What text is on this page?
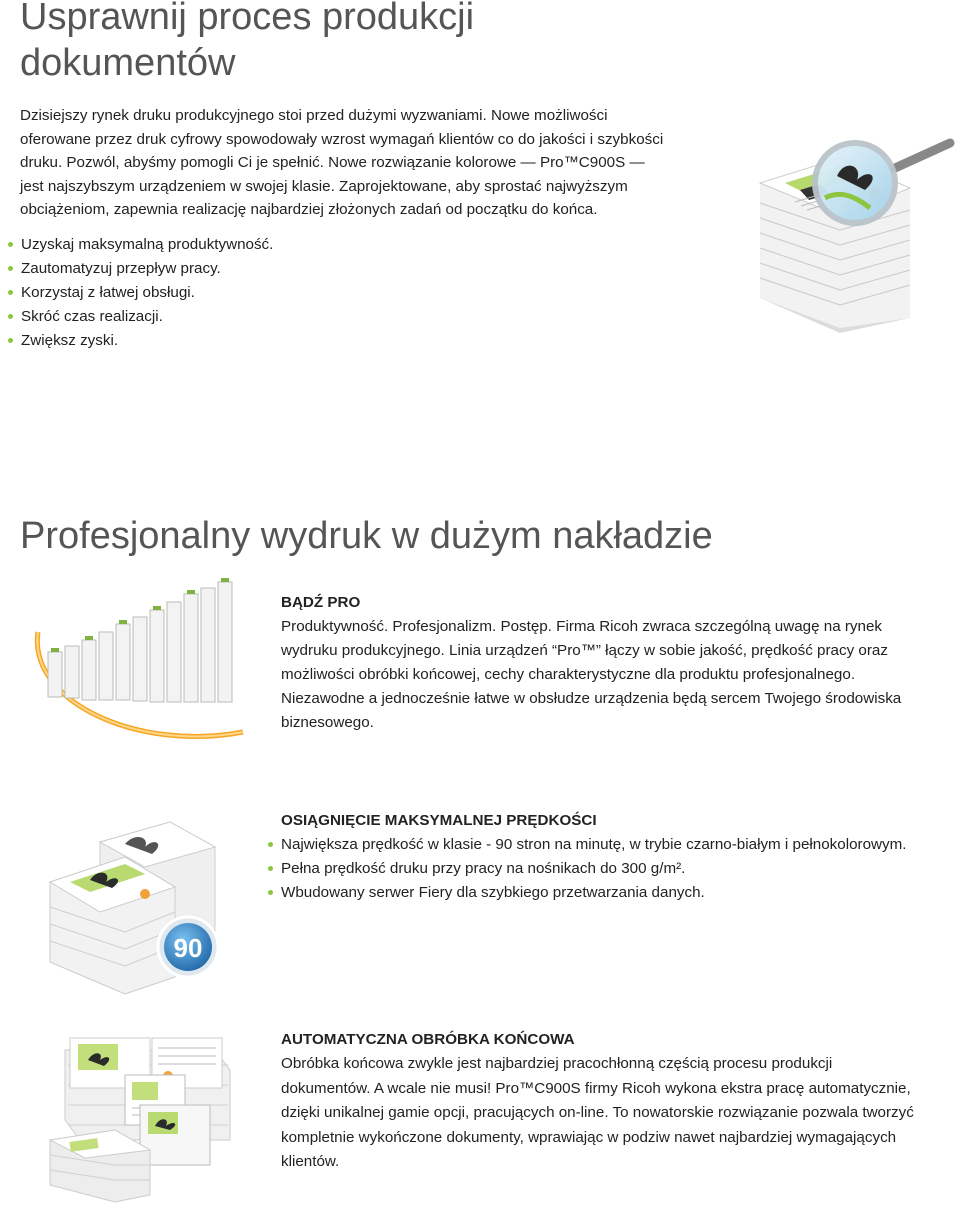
Usprawnij proces produkcji
dokumentów

Dzisiejszy rynek druku produkcyjnego stoi przed dużymi wyzwaniami. Nowe możliwości

oferowane przez druk cyfrowy spowodowały wzrost wymagań klientów co do jakości i szybkości

druku. Pozwól, abyśmy pomogli Ci je spełnić. Nowe rozwiązanie kolorowe — Pro™C900S —

jest najszybszym urządzeniem w swojej klasie. Zaprojektowane, aby sprostać najwyższym

obciążeniom, zapewnia realizację najbardziej złożonych zadań od początku do końca.

Uzyskaj maksymalną produktywność.
Zautomatyzuj przepływ pracy.
Korzystaj z łatwej obsługi.
Skróć czas realizacji.
Zwiększ zyski.
Profesjonalny wydruk w dużym nakładzie

BĄDŹ PRO

Produktywność. Profesjonalizm. Postęp. Firma Ricoh zwraca szczególną uwagę na rynek

wydruku produkcyjnego. Linia urządzeń “Pro™” łączy w sobie jakość, prędkość pracy oraz

możliwości obróbki końcowej, cechy charakterystyczne dla produktu profesjonalnego.

Niezawodne a jednocześnie łatwe w obsłudze urządzenia będą sercem Twojego środowiska

biznesowego.

90

OSIĄGNIĘCIE MAKSYMALNEJ PRĘDKOŚCI

Największa prędkość w klasie - 90 stron na minutę, w trybie czarno-białym i pełnokolorowym.
Pełna prędkość druku przy pracy na nośnikach do 300 g/m².
Wbudowany serwer Fiery dla szybkiego przetwarzania danych.

AUTOMATYCZNA OBRÓBKA KOŃCOWA

Obróbka końcowa zwykle jest najbardziej pracochłonną częścią procesu produkcji

dokumentów. A wcale nie musi! Pro™C900S firmy Ricoh wykona ekstra pracę automatycznie,

dzięki unikalnej gamie opcji, pracujących on-line. To nowatorskie rozwiązanie pozwala tworzyć

kompletnie wykończone dokumenty, wprawiając w podziw nawet najbardziej wymagających

klientów.
